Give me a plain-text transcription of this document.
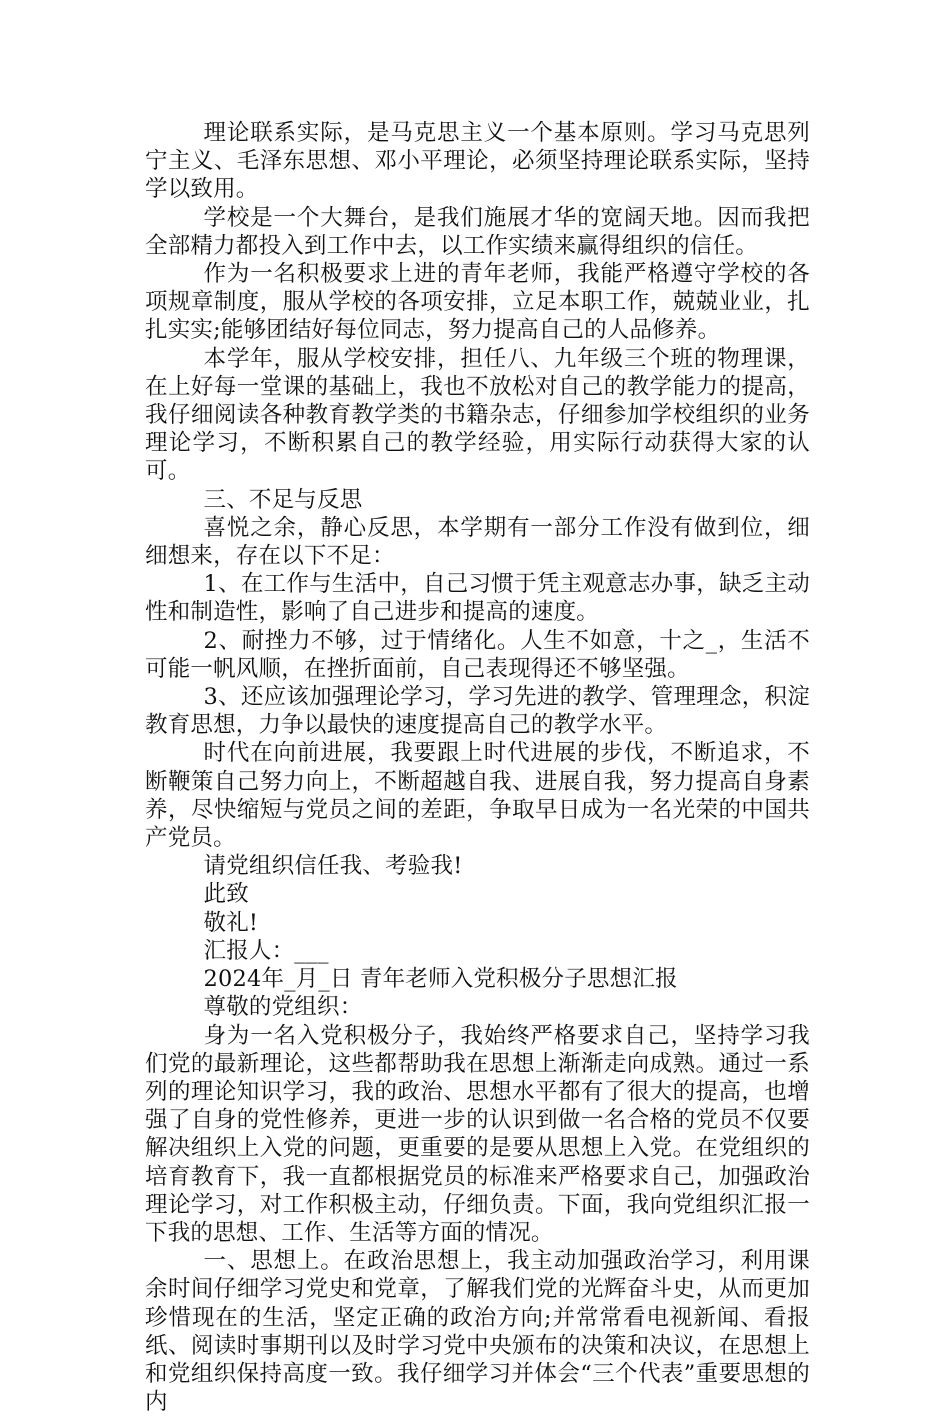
理论联系实际，是马克思主义一个基本原则。学习马克思列宁主义、毛泽东思想、邓小平理论，必须坚持理论联系实际，坚持学以致用。

学校是一个大舞台，是我们施展才华的宽阔天地。因而我把全部精力都投入到工作中去，以工作实绩来赢得组织的信任。

作为一名积极要求上进的青年老师，我能严格遵守学校的各项规章制度，服从学校的各项安排，立足本职工作，兢兢业业，扎扎实实;能够团结好每位同志，努力提高自己的人品修养。

本学年，服从学校安排，担任八、九年级三个班的物理课，在上好每一堂课的基础上，我也不放松对自己的教学能力的提高，我仔细阅读各种教育教学类的书籍杂志，仔细参加学校组织的业务理论学习，不断积累自己的教学经验，用实际行动获得大家的认可。

三、不足与反思

喜悦之余，静心反思，本学期有一部分工作没有做到位，细细想来，存在以下不足：

1、在工作与生活中，自己习惯于凭主观意志办事，缺乏主动性和制造性，影响了自己进步和提高的速度。

2、耐挫力不够，过于情绪化。人生不如意，十之_，生活不可能一帆风顺，在挫折面前，自己表现得还不够坚强。

3、还应该加强理论学习，学习先进的教学、管理理念，积淀教育思想，力争以最快的速度提高自己的教学水平。

时代在向前进展，我要跟上时代进展的步伐，不断追求，不断鞭策自己努力向上，不断超越自我、进展自我，努力提高自身素养，尽快缩短与党员之间的差距，争取早日成为一名光荣的中国共产党员。

请党组织信任我、考验我!

此致

敬礼!

汇报人：___

2024年_月_日 青年老师入党积极分子思想汇报

尊敬的党组织：

身为一名入党积极分子，我始终严格要求自己，坚持学习我们党的最新理论，这些都帮助我在思想上渐渐走向成熟。通过一系列的理论知识学习，我的政治、思想水平都有了很大的提高，也增强了自身的党性修养，更进一步的认识到做一名合格的党员不仅要解决组织上入党的问题，更重要的是要从思想上入党。在党组织的培育教育下，我一直都根据党员的标准来严格要求自己，加强政治理论学习，对工作积极主动，仔细负责。下面，我向党组织汇报一下我的思想、工作、生活等方面的情况。

一、思想上。在政治思想上，我主动加强政治学习，利用课余时间仔细学习党史和党章，了解我们党的光辉奋斗史，从而更加珍惜现在的生活，坚定正确的政治方向;并常常看电视新闻、看报纸、阅读时事期刊以及时学习党中央颁布的决策和决议，在思想上和党组织保持高度一致。我仔细学习并体会“三个代表”重要思想的内
